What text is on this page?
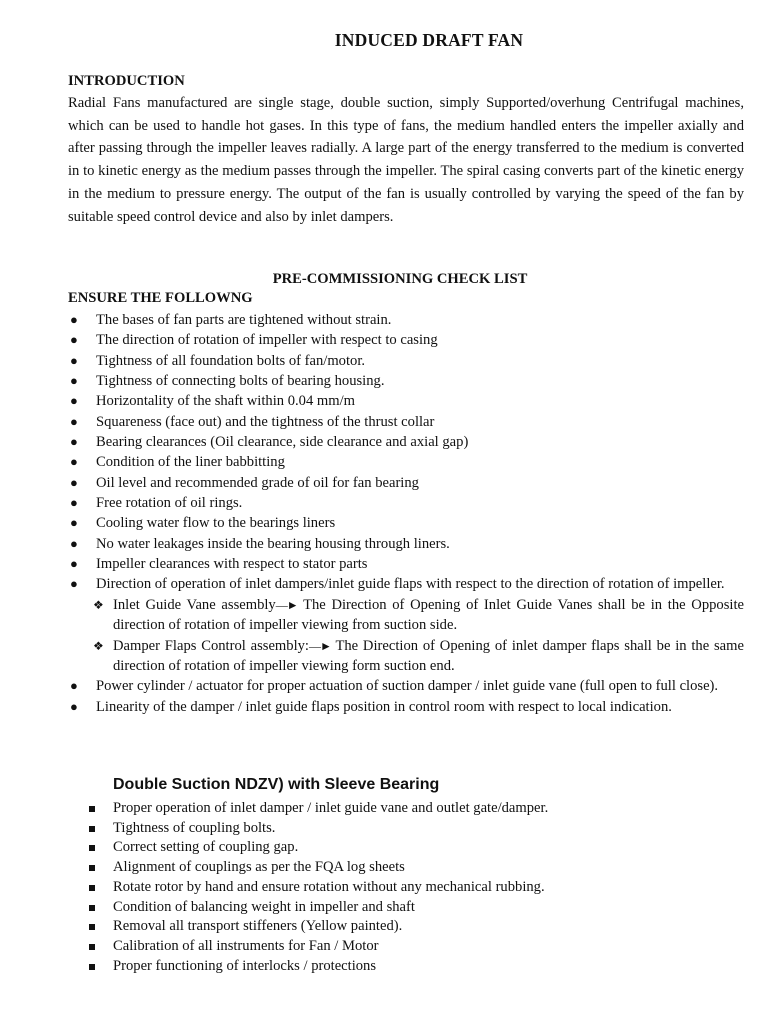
INDUCED DRAFT FAN
INTRODUCTION
Radial Fans manufactured are single stage, double suction, simply Supported/overhung Centrifugal machines, which can be used to handle hot gases. In this type of fans, the medium handled enters the impeller axially and after passing through the impeller leaves radially. A large part of the energy transferred to the medium is converted in to kinetic energy as the medium passes through the impeller. The spiral casing converts part of the kinetic energy in the medium to pressure energy. The output of the fan is usually controlled by varying the speed of the fan by suitable speed control device and also by inlet dampers.
PRE-COMMISSIONING CHECK LIST
ENSURE THE FOLLOWNG
● The bases of fan parts are tightened without strain.
● The direction of rotation of impeller with respect to casing
● Tightness of all foundation bolts of fan/motor.
● Tightness of connecting bolts of bearing housing.
● Horizontality of the shaft within 0.04 mm/m
● Squareness (face out) and the tightness of the thrust collar
● Bearing clearances (Oil clearance, side clearance and axial gap)
● Condition of the liner babbitting
● Oil level and recommended grade of oil for fan bearing
● Free rotation of oil rings.
● Cooling water flow to the bearings liners
● No water leakages inside the bearing housing through liners.
● Impeller clearances with respect to stator parts
● Direction of operation of inlet dampers/inlet guide flaps with respect to the direction of rotation of impeller.
❖ Inlet Guide Vane assembly—► The Direction of Opening of Inlet Guide Vanes shall be in the Opposite direction of rotation of impeller viewing from suction side.
❖ Damper Flaps Control assembly:—► The Direction of Opening of inlet damper flaps shall be in the same direction of rotation of impeller viewing form suction end.
● Power cylinder / actuator for proper actuation of suction damper / inlet guide vane (full open to full close).
● Linearity of the damper / inlet guide flaps position in control room with respect to local indication.
Double Suction NDZV) with Sleeve Bearing
Proper operation of inlet damper / inlet guide vane and outlet gate/damper.
Tightness of coupling bolts.
Correct setting of coupling gap.
Alignment of couplings as per the FQA log sheets
Rotate rotor by hand and ensure rotation without any mechanical rubbing.
Condition of balancing weight in impeller and shaft
Removal all transport stiffeners (Yellow painted).
Calibration of all instruments for Fan / Motor
Proper functioning of interlocks / protections
